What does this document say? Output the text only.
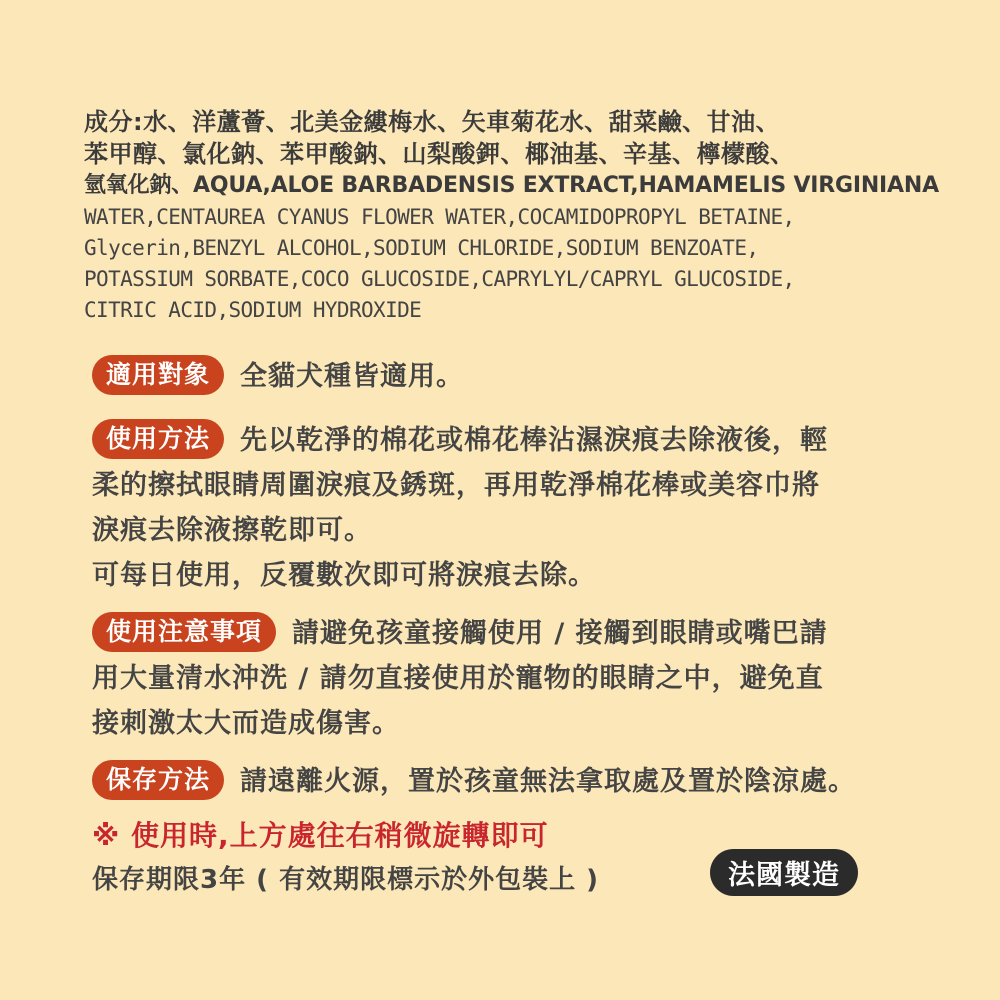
成分:水、洋蘆薈、北美金縷梅水、矢車菊花水、甜菜鹼、甘油、
苯甲醇、氯化鈉、苯甲酸鈉、山梨酸鉀、椰油基、辛基、檸檬酸、
氫氧化鈉、AQUA,ALOE BARBADENSIS EXTRACT,HAMAMELIS VIRGINIANA
WATER,CENTAUREA CYANUS FLOWER WATER,COCAMIDOPROPYL BETAINE,
Glycerin,BENZYL ALCOHOL,SODIUM CHLORIDE,SODIUM BENZOATE,
POTASSIUM SORBATE,COCO GLUCOSIDE,CAPRYLYL/CAPRYL GLUCOSIDE,
CITRIC ACID,SODIUM HYDROXIDE
適用對象 全貓犬種皆適用。
使用方法 先以乾淨的棉花或棉花棒沾濕淚痕去除液後，輕
柔的擦拭眼睛周圍淚痕及銹斑，再用乾淨棉花棒或美容巾將
淚痕去除液擦乾即可。
可每日使用，反覆數次即可將淚痕去除。
使用注意事項 請避免孩童接觸使用 / 接觸到眼睛或嘴巴請
用大量清水沖洗 / 請勿直接使用於寵物的眼睛之中，避免直
接刺激太大而造成傷害。
保存方法 請遠離火源，置於孩童無法拿取處及置於陰涼處。
※ 使用時,上方處往右稍微旋轉即可
保存期限3年 ( 有效期限標示於外包裝上 )	法國製造
